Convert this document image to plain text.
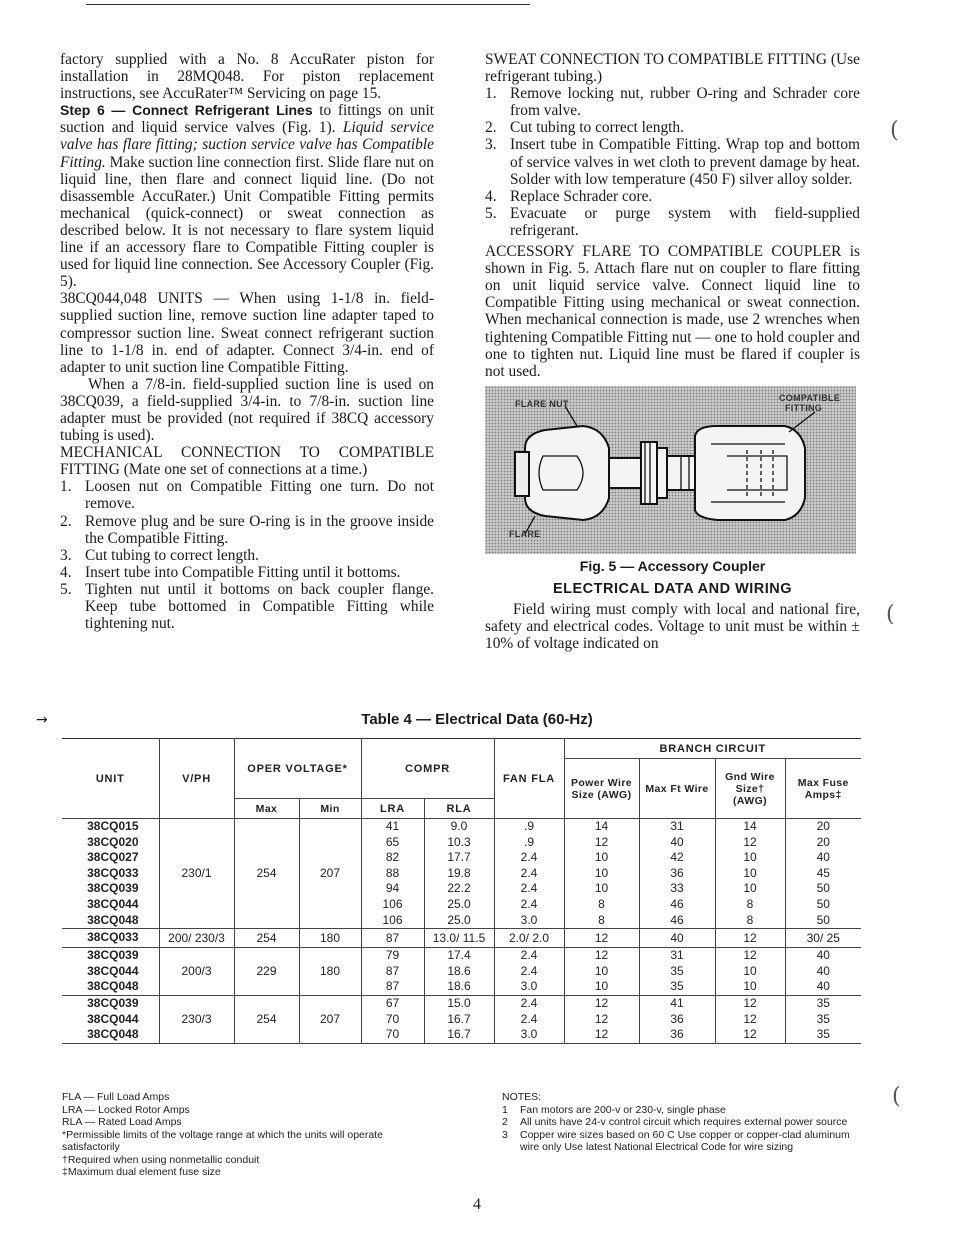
factory supplied with a No. 8 AccuRater piston for installation in 28MQ048. For piston replacement instructions, see AccuRater™ Servicing on page 15.

Step 6 — Connect Refrigerant Lines to fittings on unit suction and liquid service valves (Fig. 1). Liquid service valve has flare fitting; suction service valve has Compatible Fitting. Make suction line connection first. Slide flare nut on liquid line, then flare and connect liquid line. (Do not disassemble AccuRater.) Unit Compatible Fitting permits mechanical (quick-connect) or sweat connection as described below. It is not necessary to flare system liquid line if an accessory flare to Compatible Fitting coupler is used for liquid line connection. See Accessory Coupler (Fig. 5).

38CQ044,048 UNITS — When using 1-1/8 in. field-supplied suction line, remove suction line adapter taped to compressor suction line. Sweat connect refrigerant suction line to 1-1/8 in. end of adapter. Connect 3/4-in. end of adapter to unit suction line Compatible Fitting.

When a 7/8-in. field-supplied suction line is used on 38CQ039, a field-supplied 3/4-in. to 7/8-in. suction line adapter must be provided (not required if 38CQ accessory tubing is used).

MECHANICAL CONNECTION TO COMPATIBLE FITTING (Mate one set of connections at a time.)

1. Loosen nut on Compatible Fitting one turn. Do not remove.
2. Remove plug and be sure O-ring is in the groove inside the Compatible Fitting.
3. Cut tubing to correct length.
4. Insert tube into Compatible Fitting until it bottoms.
5. Tighten nut until it bottoms on back coupler flange. Keep tube bottomed in Compatible Fitting while tightening nut.

SWEAT CONNECTION TO COMPATIBLE FITTING (Use refrigerant tubing.)

1. Remove locking nut, rubber O-ring and Schrader core from valve.
2. Cut tubing to correct length.
3. Insert tube in Compatible Fitting. Wrap top and bottom of service valves in wet cloth to prevent damage by heat. Solder with low temperature (450 F) silver alloy solder.
4. Replace Schrader core.
5. Evacuate or purge system with field-supplied refrigerant.

ACCESSORY FLARE TO COMPATIBLE COUPLER is shown in Fig. 5. Attach flare nut on coupler to flare fitting on unit liquid service valve. Connect liquid line to Compatible Fitting using mechanical or sweat connection. When mechanical connection is made, use 2 wrenches when tightening Compatible Fitting nut — one to hold coupler and one to tighten nut. Liquid line must be flared if coupler is not used.

FLARE NUT
COMPATIBLE
FITTING
FLARE
Fig. 5 — Accessory Coupler
ELECTRICAL DATA AND WIRING

Field wiring must comply with local and national fire, safety and electrical codes. Voltage to unit must be within ± 10% of voltage indicated on

(
(
(
→	Table 4 — Electrical Data (60-Hz)
UNIT	V/PH	OPER VOLTAGE*		COMPR		FAN FLA	BRANCH CIRCUIT			
							Power Wire Size (AWG)	Max Ft Wire	Gnd Wire Size† (AWG)	Max Fuse Amps‡
		Max	Min	LRA	RLA					
38CQ015	230/1	254	207	41	9.0	.9	14	31	14	20
38CQ020				65	10.3	.9	12	40	12	20
38CQ027				82	17.7	2.4	10	42	10	40
38CQ033				88	19.8	2.4	10	36	10	45
38CQ039				94	22.2	2.4	10	33	10	50
38CQ044				106	25.0	2.4	8	46	8	50
38CQ048				106	25.0	3.0	8	46	8	50
38CQ033	200/ 230/3	254	180	87	13.0/ 11.5	2.0/ 2.0	12	40	12	30/ 25
38CQ039	200/3	229	180	79	17.4	2.4	12	31	12	40
38CQ044				87	18.6	2.4	10	35	10	40
38CQ048				87	18.6	3.0	10	35	10	40
38CQ039	230/3	254	207	67	15.0	2.4	12	41	12	35
38CQ044				70	16.7	2.4	12	36	12	35
38CQ048				70	16.7	3.0	12	36	12	35
FLA — Full Load Amps
LRA — Locked Rotor Amps
RLA — Rated Load Amps
*Permissible limits of the voltage range at which the units will operate satisfactorily
†Required when using nonmetallic conduit
‡Maximum dual element fuse size
NOTES:
1 Fan motors are 200-v or 230-v, single phase
2 All units have 24-v control circuit which requires external power source
3 Copper wire sizes based on 60 C Use copper or copper-clad aluminum wire only Use latest National Electrical Code for wire sizing
4
